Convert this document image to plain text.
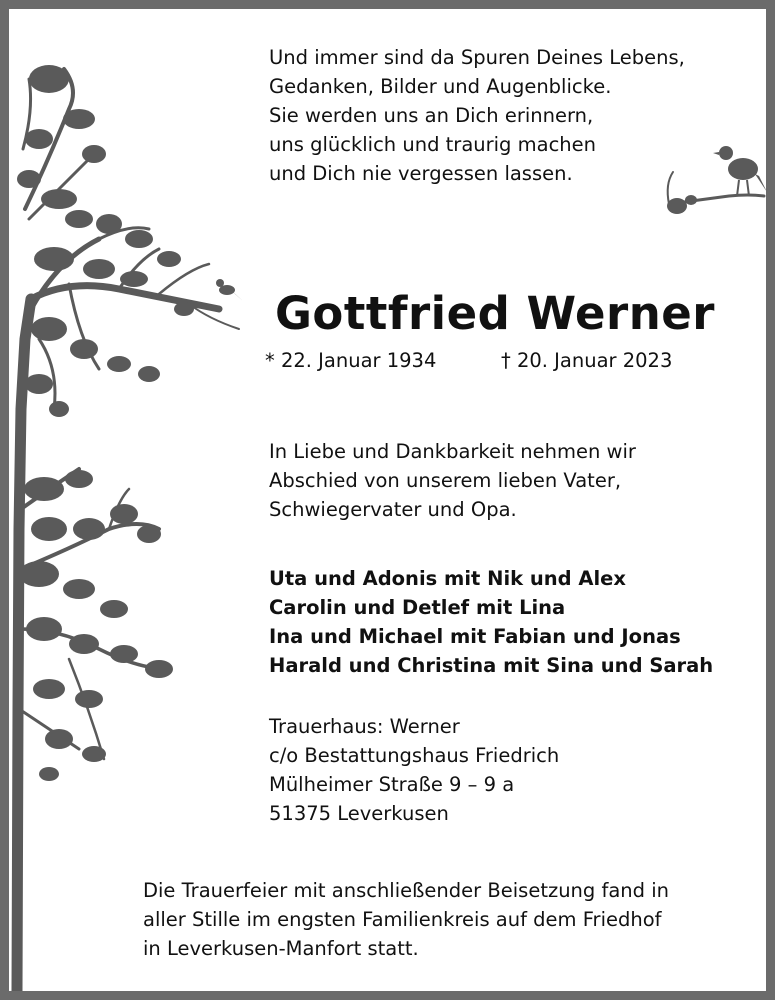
Und immer sind da Spuren Deines Lebens,
Gedanken, Bilder und Augenblicke.
Sie werden uns an Dich erinnern,
uns glücklich und traurig machen
und Dich nie vergessen lassen.
Gottfried Werner
* 22. Januar 1934	† 20. Januar 2023
In Liebe und Dankbarkeit nehmen wir
Abschied von unserem lieben Vater,
Schwiegervater und Opa.
Uta und Adonis mit Nik und Alex
Carolin und Detlef mit Lina
Ina und Michael mit Fabian und Jonas
Harald und Christina mit Sina und Sarah
Trauerhaus: Werner
c/o Bestattungshaus Friedrich
Mülheimer Straße 9 – 9 a
51375 Leverkusen
Die Trauerfeier mit anschließender Beisetzung fand in
aller Stille im engsten Familienkreis auf dem Friedhof
in Leverkusen-Manfort statt.
